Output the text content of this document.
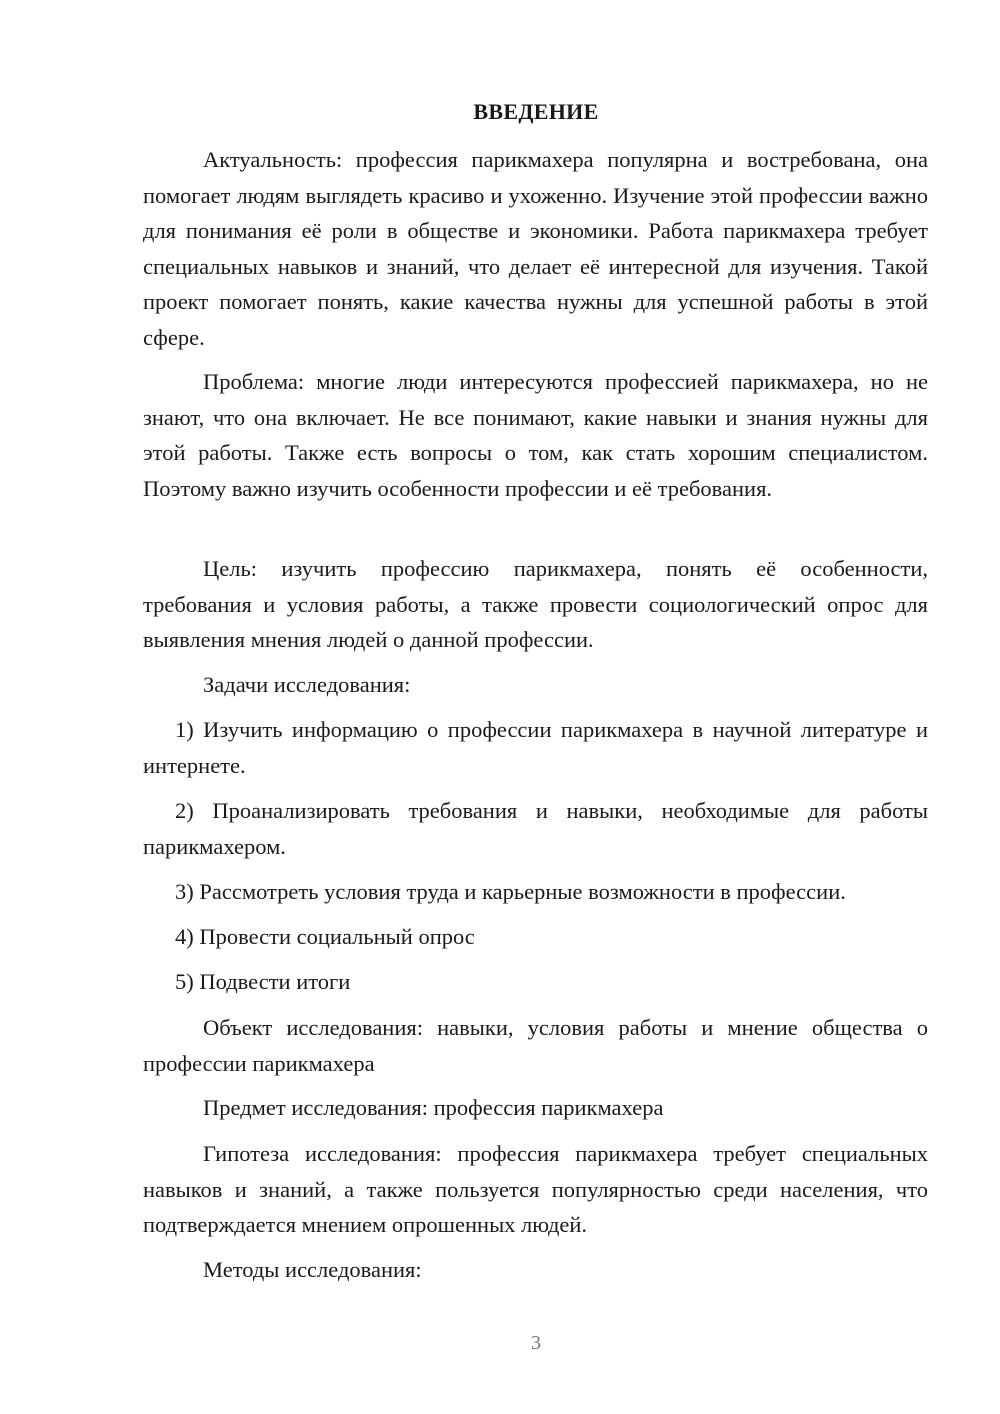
ВВЕДЕНИЕ

Актуальность: профессия парикмахера популярна и востребована, она помогает людям выглядеть красиво и ухоженно. Изучение этой профессии важно для понимания её роли в обществе и экономики. Работа парикмахера требует специальных навыков и знаний, что делает её интересной для изучения. Такой проект помогает понять, какие качества нужны для успешной работы в этой сфере.

Проблема: многие люди интересуются профессией парикмахера, но не знают, что она включает. Не все понимают, какие навыки и знания нужны для этой работы. Также есть вопросы о том, как стать хорошим специалистом. Поэтому важно изучить особенности профессии и её требования.

Цель: изучить профессию парикмахера, понять её особенности, требования и условия работы, а также провести социологический опрос для выявления мнения людей о данной профессии.

Задачи исследования:

1) Изучить информацию о профессии парикмахера в научной литературе и интернете.

2) Проанализировать требования и навыки, необходимые для работы парикмахером.

3) Рассмотреть условия труда и карьерные возможности в профессии.

4) Провести социальный опрос

5) Подвести итоги

Объект исследования: навыки, условия работы и мнение общества о профессии парикмахера

Предмет исследования: профессия парикмахера

Гипотеза исследования: профессия парикмахера требует специальных навыков и знаний, а также пользуется популярностью среди населения, что подтверждается мнением опрошенных людей.

Методы исследования:

3
